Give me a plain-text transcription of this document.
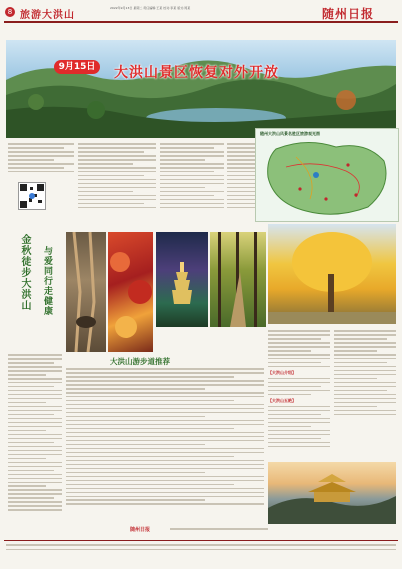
8 旅游大洪山
2022年9月13日 星期二 责任编辑:王某 校对:李某 版式:周某	随州日报
9月15日	大洪山景区恢复对外开放
随州大洪山风景名胜区旅游观光图
金秋徒步大洪山 与爱同行走健康
大洪山游步道推荐
【大洪山介绍】
【大洪山五绝】
随州日报
